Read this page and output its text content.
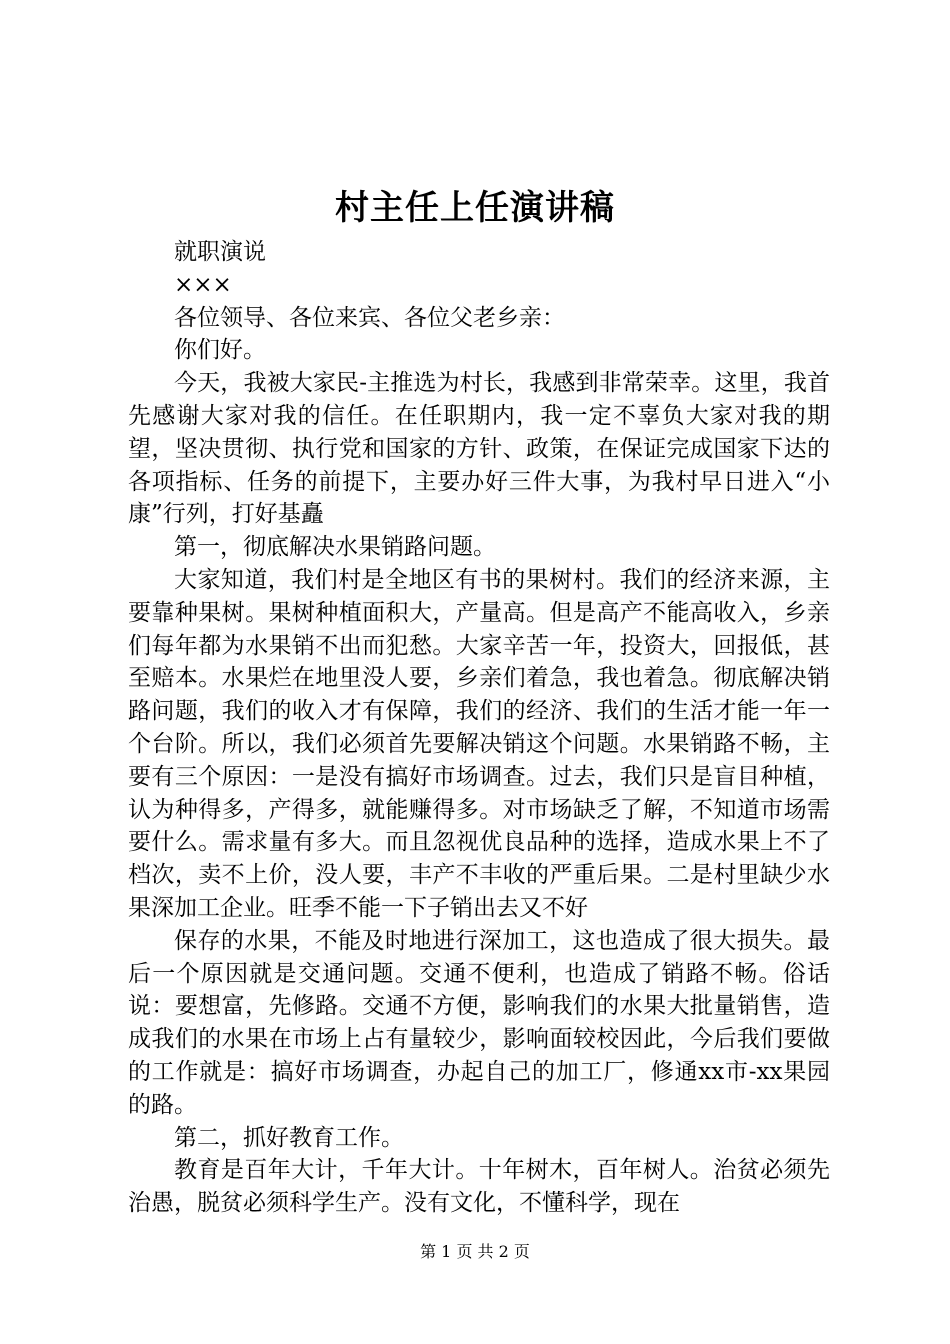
村主任上任演讲稿

就职演说

×××

各位领导、各位来宾、各位父老乡亲：

你们好。

今天，我被大家民-主推选为村长，我感到非常荣幸。这里，我首先感谢大家对我的信任。在任职期内，我一定不辜负大家对我的期望，坚决贯彻、执行党和国家的方针、政策，在保证完成国家下达的各项指标、任务的前提下，主要办好三件大事，为我村早日进入“小康”行列，打好基矗

第一，彻底解决水果销路问题。

大家知道，我们村是全地区有书的果树村。我们的经济来源，主要靠种果树。果树种植面积大，产量高。但是高产不能高收入，乡亲们每年都为水果销不出而犯愁。大家辛苦一年，投资大，回报低，甚至赔本。水果烂在地里没人要，乡亲们着急，我也着急。彻底解决销路问题，我们的收入才有保障，我们的经济、我们的生活才能一年一个台阶。所以，我们必须首先要解决销这个问题。水果销路不畅，主要有三个原因：一是没有搞好市场调查。过去，我们只是盲目种植，认为种得多，产得多，就能赚得多。对市场缺乏了解，不知道市场需要什么。需求量有多大。而且忽视优良品种的选择，造成水果上不了档次，卖不上价，没人要，丰产不丰收的严重后果。二是村里缺少水果深加工企业。旺季不能一下子销出去又不好

保存的水果，不能及时地进行深加工，这也造成了很大损失。最后一个原因就是交通问题。交通不便利，也造成了销路不畅。俗话说：要想富，先修路。交通不方便，影响我们的水果大批量销售，造成我们的水果在市场上占有量较少，影响面较校因此，今后我们要做的工作就是：搞好市场调查，办起自己的加工厂，修通xx市-xx果园的路。

第二，抓好教育工作。

教育是百年大计，千年大计。十年树木，百年树人。治贫必须先治愚，脱贫必须科学生产。没有文化，不懂科学，现在

第 1 页 共 2 页
